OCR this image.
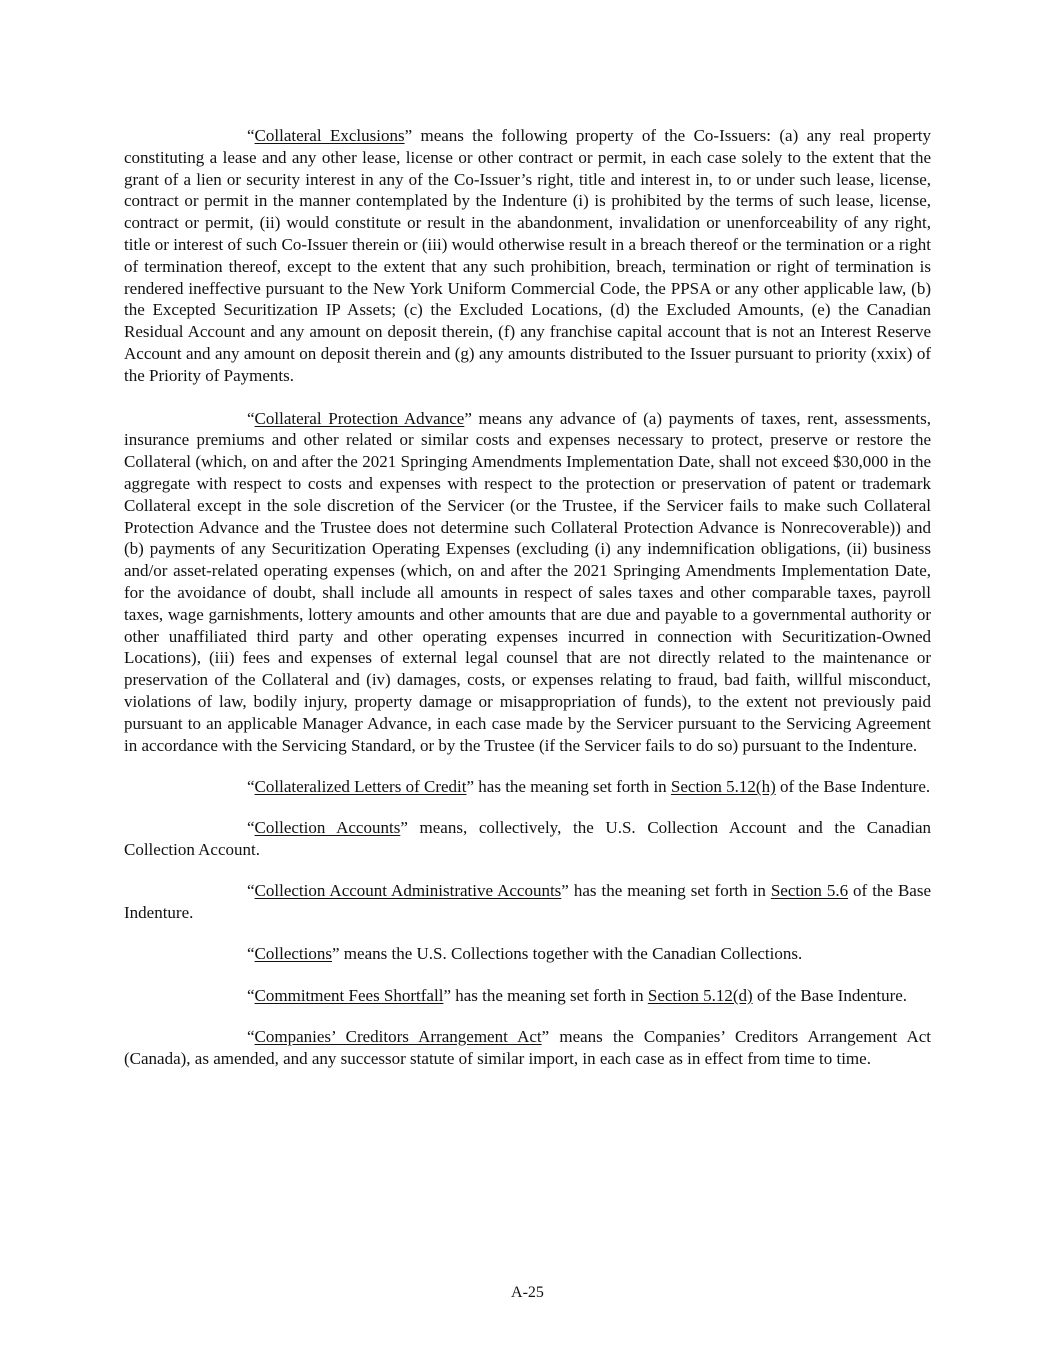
“Collateral Exclusions” means the following property of the Co-Issuers: (a) any real property constituting a lease and any other lease, license or other contract or permit, in each case solely to the extent that the grant of a lien or security interest in any of the Co-Issuer’s right, title and interest in, to or under such lease, license, contract or permit in the manner contemplated by the Indenture (i) is prohibited by the terms of such lease, license, contract or permit, (ii) would constitute or result in the abandonment, invalidation or unenforceability of any right, title or interest of such Co-Issuer therein or (iii) would otherwise result in a breach thereof or the termination or a right of termination thereof, except to the extent that any such prohibition, breach, termination or right of termination is rendered ineffective pursuant to the New York Uniform Commercial Code, the PPSA or any other applicable law, (b) the Excepted Securitization IP Assets; (c) the Excluded Locations, (d) the Excluded Amounts, (e) the Canadian Residual Account and any amount on deposit therein, (f) any franchise capital account that is not an Interest Reserve Account and any amount on deposit therein and (g) any amounts distributed to the Issuer pursuant to priority (xxix) of the Priority of Payments.

“Collateral Protection Advance” means any advance of (a) payments of taxes, rent, assessments, insurance premiums and other related or similar costs and expenses necessary to protect, preserve or restore the Collateral (which, on and after the 2021 Springing Amendments Implementation Date, shall not exceed $30,000 in the aggregate with respect to costs and expenses with respect to the protection or preservation of patent or trademark Collateral except in the sole discretion of the Servicer (or the Trustee, if the Servicer fails to make such Collateral Protection Advance and the Trustee does not determine such Collateral Protection Advance is Nonrecoverable)) and (b) payments of any Securitization Operating Expenses (excluding (i) any indemnification obligations, (ii) business and/or asset-related operating expenses (which, on and after the 2021 Springing Amendments Implementation Date, for the avoidance of doubt, shall include all amounts in respect of sales taxes and other comparable taxes, payroll taxes, wage garnishments, lottery amounts and other amounts that are due and payable to a governmental authority or other unaffiliated third party and other operating expenses incurred in connection with Securitization-Owned Locations), (iii) fees and expenses of external legal counsel that are not directly related to the maintenance or preservation of the Collateral and (iv) damages, costs, or expenses relating to fraud, bad faith, willful misconduct, violations of law, bodily injury, property damage or misappropriation of funds), to the extent not previously paid pursuant to an applicable Manager Advance, in each case made by the Servicer pursuant to the Servicing Agreement in accordance with the Servicing Standard, or by the Trustee (if the Servicer fails to do so) pursuant to the Indenture.

“Collateralized Letters of Credit” has the meaning set forth in Section 5.12(h) of the Base Indenture.

“Collection Accounts” means, collectively, the U.S. Collection Account and the Canadian Collection Account.

“Collection Account Administrative Accounts” has the meaning set forth in Section 5.6 of the Base Indenture.

“Collections” means the U.S. Collections together with the Canadian Collections.

“Commitment Fees Shortfall” has the meaning set forth in Section 5.12(d) of the Base Indenture.

“Companies’ Creditors Arrangement Act” means the Companies’ Creditors Arrangement Act (Canada), as amended, and any successor statute of similar import, in each case as in effect from time to time.

A-25
